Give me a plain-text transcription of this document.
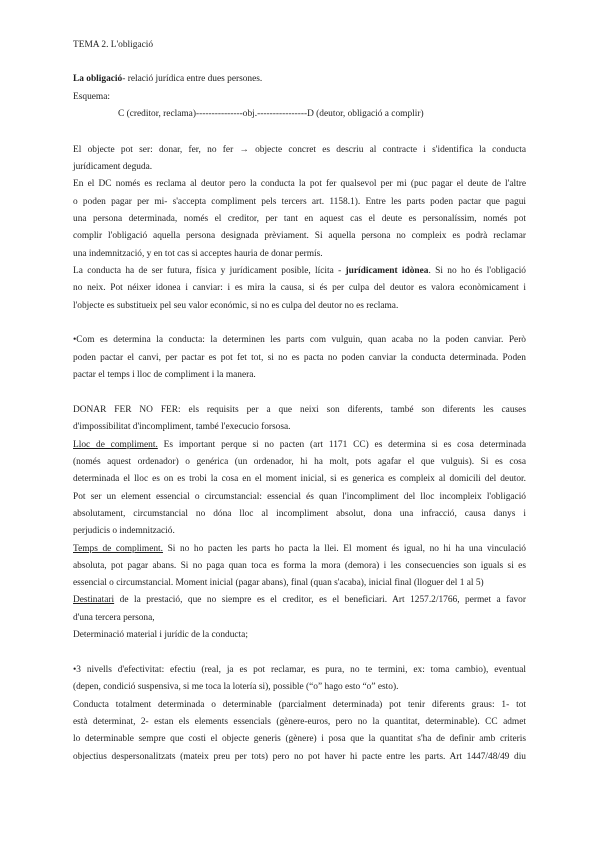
TEMA 2. L'obligació
La obligació- relació jurídica entre dues persones.
Esquema:
C (creditor, reclama)---------------obj.----------------D (deutor, obligació a complir)
El objecte pot ser: donar, fer, no fer → objecte concret es descriu al contracte i s'identifica la conducta
jurídicament deguda.
En el DC només es reclama al deutor pero la conducta la pot fer qualsevol per mi (puc pagar el deute de l'altre
o poden pagar per mi- s'accepta compliment pels tercers art. 1158.1). Entre les parts poden pactar que pagui
una persona determinada, només el creditor, per tant en aquest cas el deute es personalíssim, només pot
complir l'obligació aquella persona designada prèviament. Si aquella persona no compleix es podrà reclamar
una indemnització, y en tot cas si acceptes hauria de donar permís.
La conducta ha de ser futura, física y jurídicament posible, lícita - jurídicament idònea. Si no ho és l'obligació
no neix. Pot néixer idonea i canviar: i es mira la causa, si és per culpa del deutor es valora econòmicament i
l'objecte es substitueix pel seu valor económic, si no es culpa del deutor no es reclama.
•Com es determina la conducta: la determinen les parts com vulguin, quan acaba no la poden canviar. Però
poden pactar el canvi, per pactar es pot fet tot, si no es pacta no poden canviar la conducta determinada. Poden
pactar el temps i lloc de compliment i la manera.
DONAR FER NO FER: els requisits per a que neixi son diferents, també son diferents les causes
d'impossibilitat d'incompliment, també l'execucio forsosa.
Lloc de compliment. Es important perque si no pacten (art 1171 CC) es determina si es cosa determinada
(només aquest ordenador) o genérica (un ordenador, hi ha molt, pots agafar el que vulguis). Si es cosa
determinada el lloc es on es trobi la cosa en el moment inicial, si es generica es compleix al domicili del deutor.
Pot ser un element essencial o circumstancial: essencial és quan l'incompliment del lloc incompleix l'obligació
absolutament, circumstancial no dóna lloc al incompliment absolut, dona una infracció, causa danys i
perjudicis o indemnització.
Temps de compliment. Si no ho pacten les parts ho pacta la llei. El moment és igual, no hi ha una vinculació
absoluta, pot pagar abans. Si no paga quan toca es forma la mora (demora) i les consecuencies son iguals si es
essencial o circumstancial. Moment inicial (pagar abans), final (quan s'acaba), inicial final (lloguer del 1 al 5)
Destinatari de la prestació, que no siempre es el creditor, es el beneficiari. Art 1257.2/1766, permet a favor
d'una tercera persona,
Determinació material i jurídic de la conducta;
•3 nivells d'efectivitat: efectiu (real, ja es pot reclamar, es pura, no te termini, ex: toma cambio), eventual
(depen, condició suspensiva, si me toca la lotería si), possible (“o” hago esto “o” esto).
Conducta totalment determinada o determinable (parcialment determinada) pot tenir diferents graus: 1- tot
està determinat, 2- estan els elements essencials (gènere-euros, pero no la quantitat, determinable). CC admet
lo determinable sempre que costi el objecte generis (gènere) i posa que la quantitat s'ha de definir amb criteris
objectius despersonalitzats (mateix preu per tots) pero no pot haver hi pacte entre les parts. Art 1447/48/49 diu
